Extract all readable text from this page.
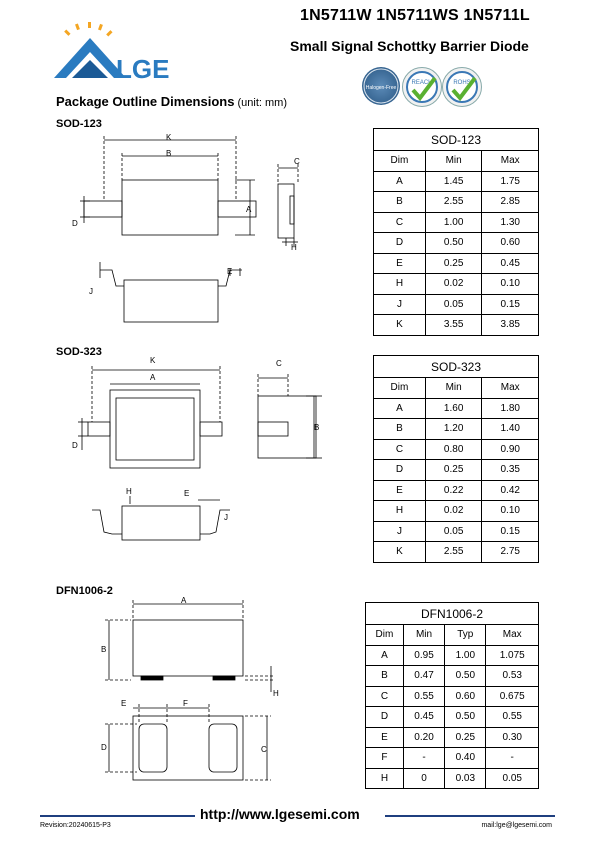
LGE
1N5711W 1N5711WS 1N5711L
Small Signal Schottky Barrier Diode
Halogen-Free
REACH	ROHS
Package Outline Dimensions (unit: mm)
SOD-123
K
B
C
A
D
H
E
J
SOD-123		
Dim	Min	Max
A	1.45	1.75
B	2.55	2.85
C	1.00	1.30
D	0.50	0.60
E	0.25	0.45
H	0.02	0.10
J	0.05	0.15
K	3.55	3.85
SOD-323
K
A
C
B
D
H	E
J
SOD-323		
Dim	Min	Max
A	1.60	1.80
B	1.20	1.40
C	0.80	0.90
D	0.25	0.35
E	0.22	0.42
H	0.02	0.10
J	0.05	0.15
K	2.55	2.75
DFN1006-2
A
B
H
E	F
D	C
DFN1006-2			
Dim	Min	Typ	Max
A	0.95	1.00	1.075
B	0.47	0.50	0.53
C	0.55	0.60	0.675
D	0.45	0.50	0.55
E	0.20	0.25	0.30
F	-	0.40	-
H	0	0.03	0.05
http://www.lgesemi.com
Revision:20240615-P3	mail:lge@lgesemi.com
